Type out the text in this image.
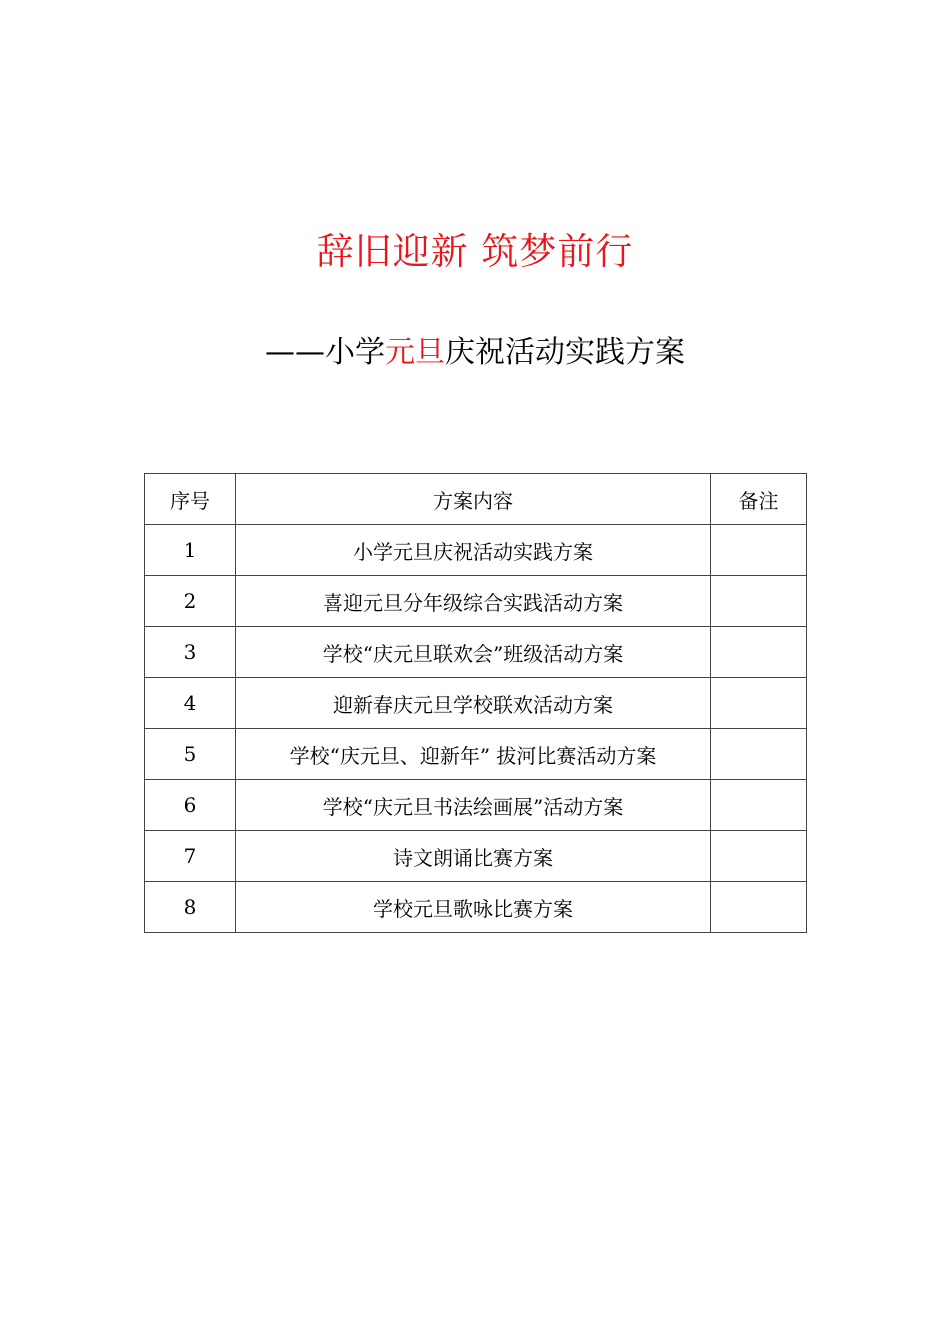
辞旧迎新 筑梦前行
——小学元旦庆祝活动实践方案
序号	方案内容	备注
1	小学元旦庆祝活动实践方案	
2	喜迎元旦分年级综合实践活动方案	
3	学校“庆元旦联欢会”班级活动方案	
4	迎新春庆元旦学校联欢活动方案	
5	学校“庆元旦、迎新年” 拔河比赛活动方案	
6	学校“庆元旦书法绘画展”活动方案	
7	诗文朗诵比赛方案	
8	学校元旦歌咏比赛方案	
